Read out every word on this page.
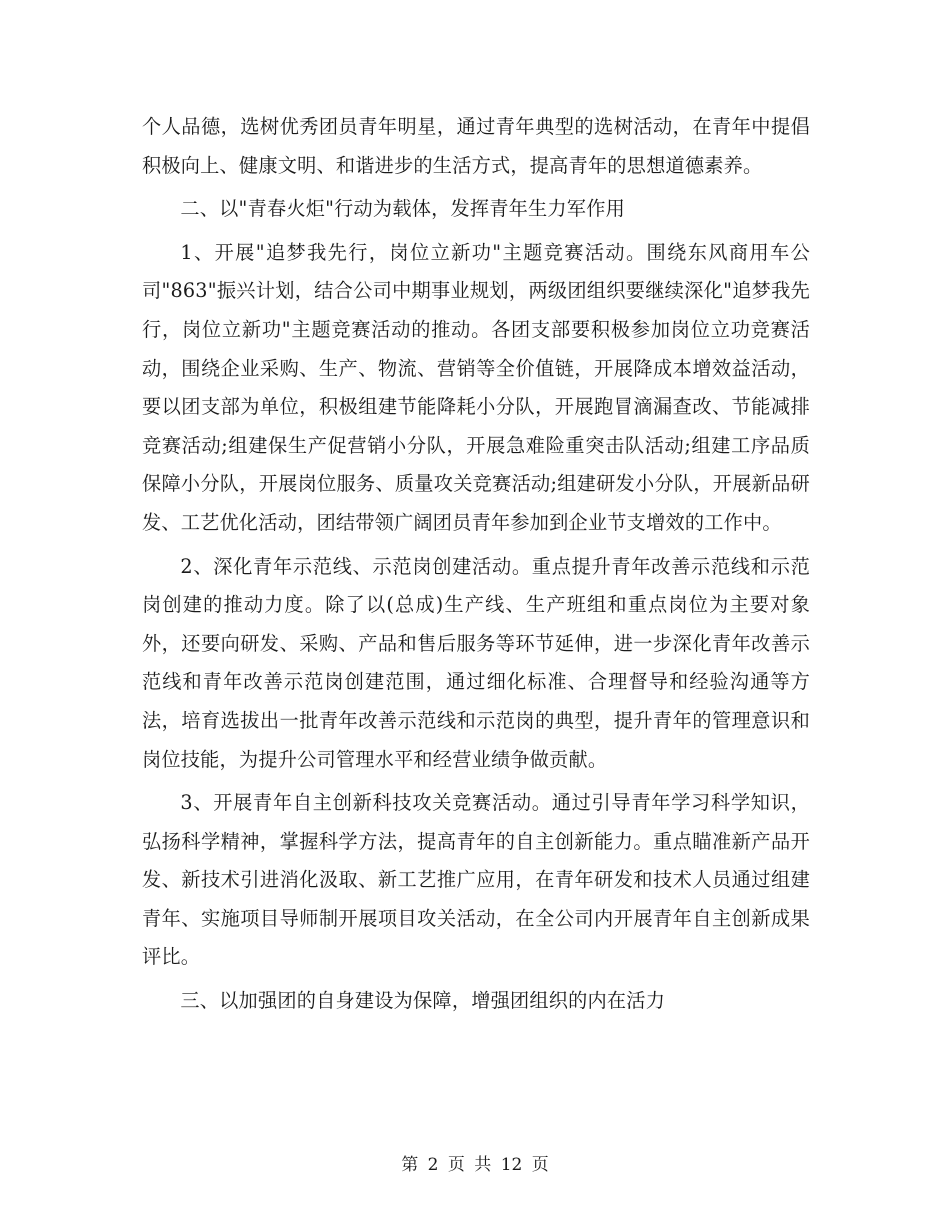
个人品德，选树优秀团员青年明星，通过青年典型的选树活动，在青年中提倡积极向上、健康文明、和谐进步的生活方式，提高青年的思想道德素养。

二、以"青春火炬"行动为载体，发挥青年生力军作用

1、开展"追梦我先行，岗位立新功"主题竞赛活动。围绕东风商用车公司"863"振兴计划，结合公司中期事业规划，两级团组织要继续深化"追梦我先行，岗位立新功"主题竞赛活动的推动。各团支部要积极参加岗位立功竞赛活动，围绕企业采购、生产、物流、营销等全价值链，开展降成本增效益活动，要以团支部为单位，积极组建节能降耗小分队，开展跑冒滴漏查改、节能减排竞赛活动;组建保生产促营销小分队，开展急难险重突击队活动;组建工序品质保障小分队，开展岗位服务、质量攻关竞赛活动;组建研发小分队，开展新品研发、工艺优化活动，团结带领广阔团员青年参加到企业节支增效的工作中。

2、深化青年示范线、示范岗创建活动。重点提升青年改善示范线和示范岗创建的推动力度。除了以(总成)生产线、生产班组和重点岗位为主要对象外，还要向研发、采购、产品和售后服务等环节延伸，进一步深化青年改善示范线和青年改善示范岗创建范围，通过细化标准、合理督导和经验沟通等方法，培育选拔出一批青年改善示范线和示范岗的典型，提升青年的管理意识和岗位技能，为提升公司管理水平和经营业绩争做贡献。

3、开展青年自主创新科技攻关竞赛活动。通过引导青年学习科学知识，弘扬科学精神，掌握科学方法，提高青年的自主创新能力。重点瞄准新产品开发、新技术引进消化汲取、新工艺推广应用，在青年研发和技术人员通过组建青年、实施项目导师制开展项目攻关活动，在全公司内开展青年自主创新成果评比。

三、以加强团的自身建设为保障，增强团组织的内在活力

第 2 页 共 12 页
